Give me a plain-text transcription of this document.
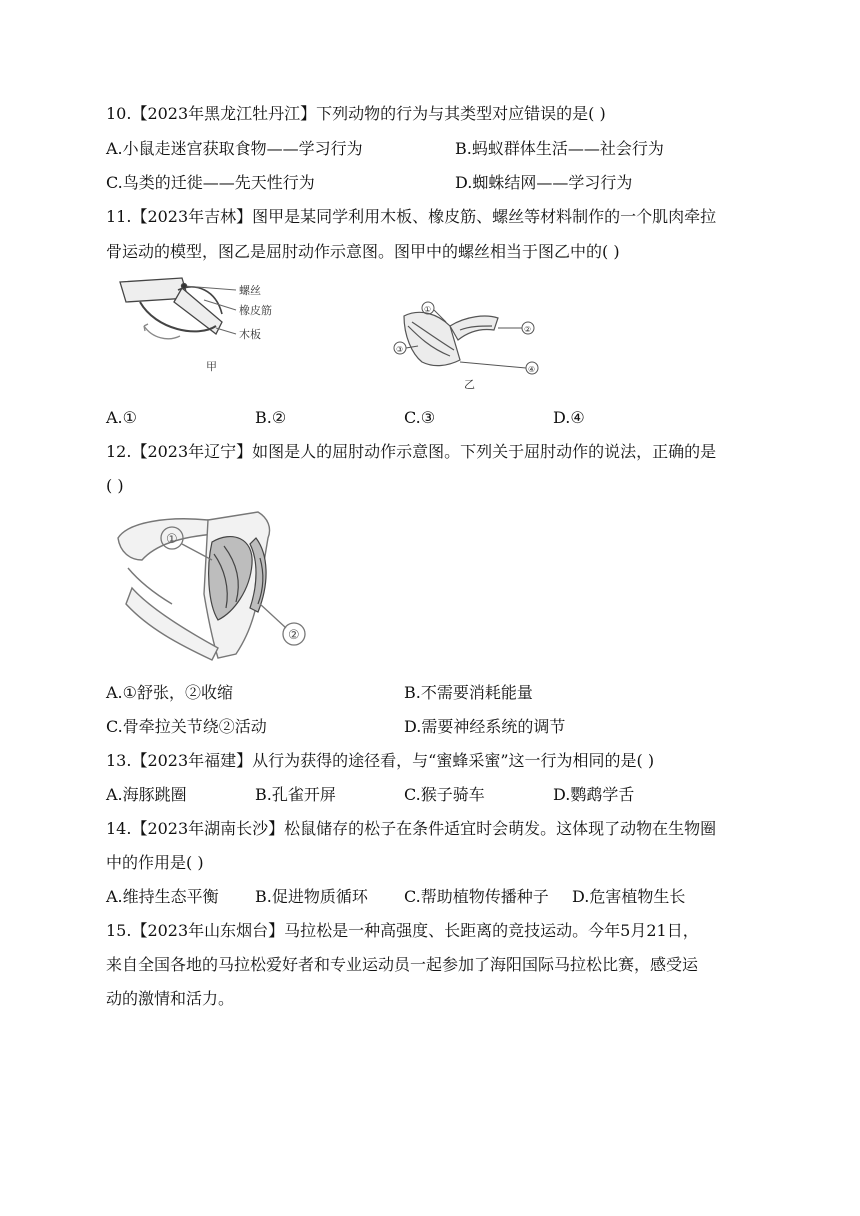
10.【2023年黑龙江牡丹江】下列动物的行为与其类型对应错误的是( )
A.小鼠走迷宫获取食物——学习行为	B.蚂蚁群体生活——社会行为
C.鸟类的迁徙——先天性行为	D.蜘蛛结网——学习行为
11.【2023年吉林】图甲是某同学利用木板、橡皮筋、螺丝等材料制作的一个肌肉牵拉
骨运动的模型，图乙是屈肘动作示意图。图甲中的螺丝相当于图乙中的( )
螺丝
橡皮筋
木板
甲
①
②
③
④
乙
A.①	B.②	C.③	D.④
12.【2023年辽宁】如图是人的屈肘动作示意图。下列关于屈肘动作的说法，正确的是
( )
①
②
A.①舒张，②收缩	B.不需要消耗能量
C.骨牵拉关节绕②活动	D.需要神经系统的调节
13.【2023年福建】从行为获得的途径看，与“蜜蜂采蜜”这一行为相同的是( )
A.海豚跳圈	B.孔雀开屏	C.猴子骑车	D.鹦鹉学舌
14.【2023年湖南长沙】松鼠储存的松子在条件适宜时会萌发。这体现了动物在生物圈
中的作用是( )
A.维持生态平衡 B.促进物质循环 C.帮助植物传播种子 D.危害植物生长
15.【2023年山东烟台】马拉松是一种高强度、长距离的竞技运动。今年5月21日，
来自全国各地的马拉松爱好者和专业运动员一起参加了海阳国际马拉松比赛，感受运
动的激情和活力。
